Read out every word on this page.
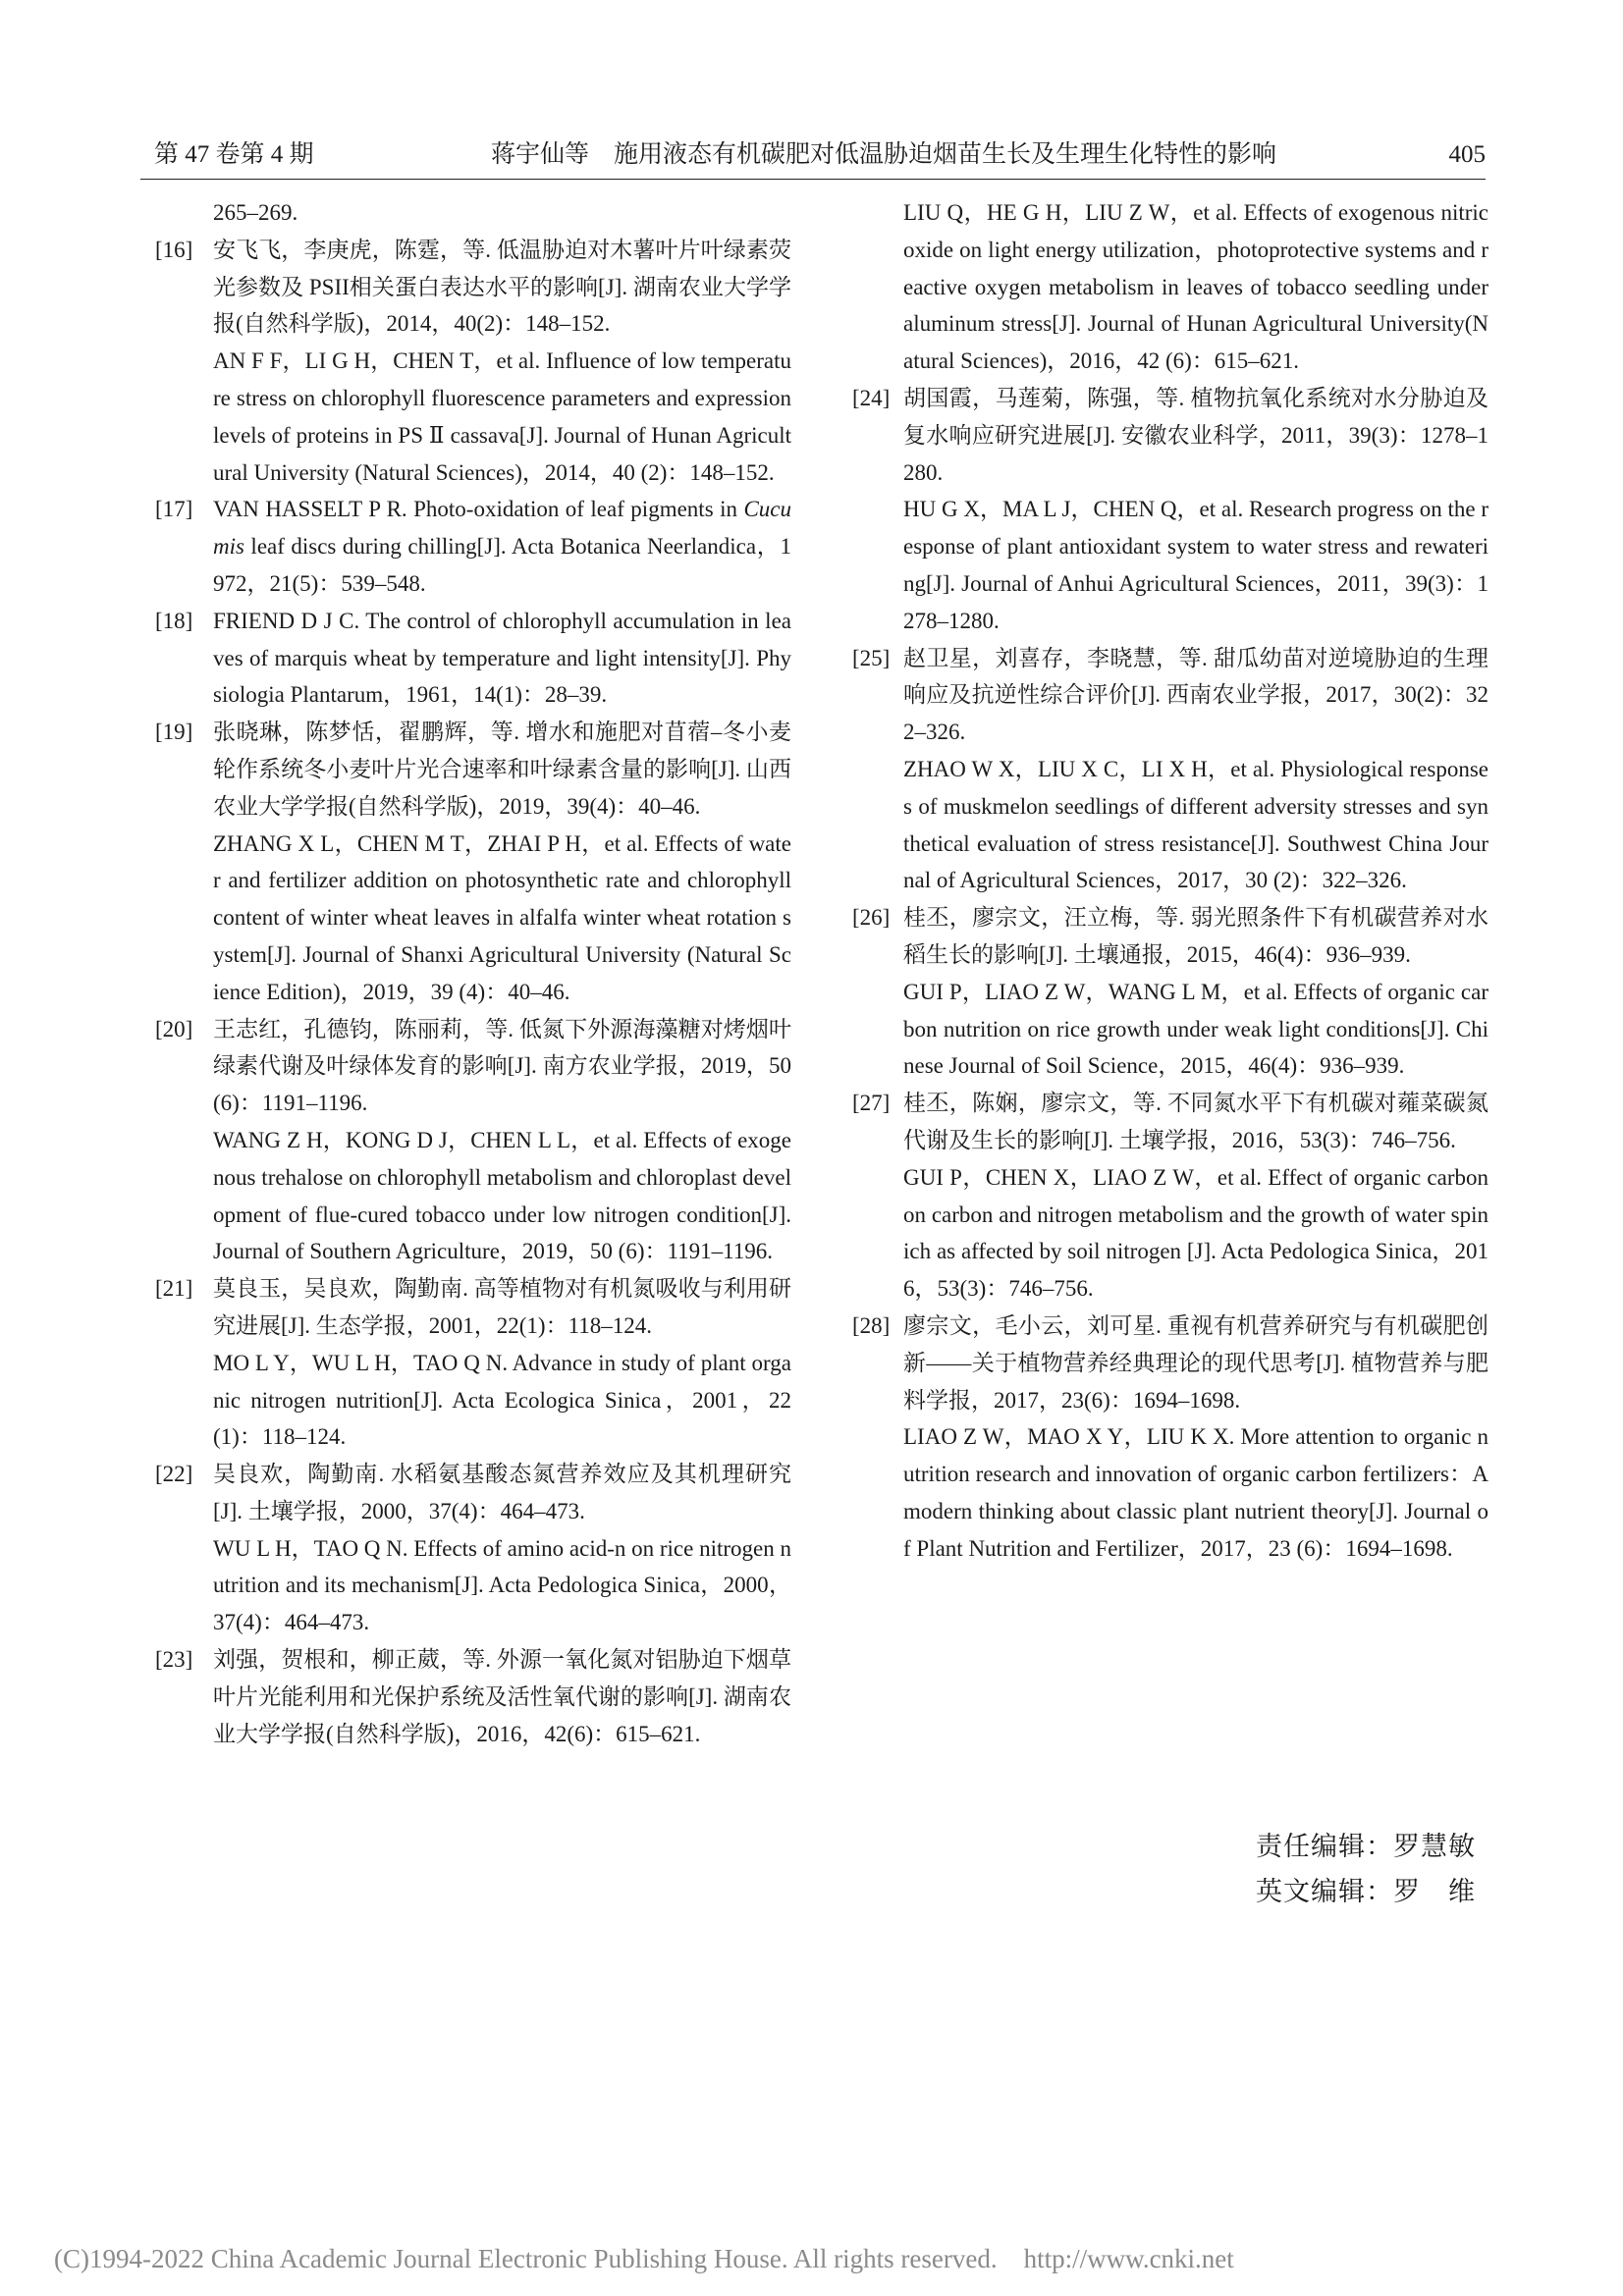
第 47 卷第 4 期	蒋宇仙等　施用液态有机碳肥对低温胁迫烟苗生长及生理生化特性的影响	405
265–269.
[16] 安飞飞，李庚虎，陈霆，等. 低温胁迫对木薯叶片叶绿素荧光参数及 PSII相关蛋白表达水平的影响[J]. 湖南农业大学学报(自然科学版)，2014，40(2)：148–152.
AN F F，LI G H，CHEN T，et al. Influence of low temperature stress on chlorophyll fluorescence parameters and expression levels of proteins in PS Ⅱ cassava[J]. Journal of Hunan Agricultural University (Natural Sciences)，2014，40 (2)：148–152.
[17] VAN HASSELT P R. Photo-oxidation of leaf pigments in Cucumis leaf discs during chilling[J]. Acta Botanica Neerlandica，1972，21(5)：539–548.
[18] FRIEND D J C. The control of chlorophyll accumulation in leaves of marquis wheat by temperature and light intensity[J]. Physiologia Plantarum，1961，14(1)：28–39.
[19] 张晓琳，陈梦恬，翟鹏辉，等. 增水和施肥对苜蓿–冬小麦轮作系统冬小麦叶片光合速率和叶绿素含量的影响[J]. 山西农业大学学报(自然科学版)，2019，39(4)：40–46.
ZHANG X L，CHEN M T，ZHAI P H，et al. Effects of water and fertilizer addition on photosynthetic rate and chlorophyll content of winter wheat leaves in alfalfa winter wheat rotation system[J]. Journal of Shanxi Agricultural University (Natural Science Edition)，2019，39 (4)：40–46.
[20] 王志红，孔德钧，陈丽莉，等. 低氮下外源海藻糖对烤烟叶绿素代谢及叶绿体发育的影响[J]. 南方农业学报，2019，50(6)：1191–1196.
WANG Z H，KONG D J，CHEN L L，et al. Effects of exogenous trehalose on chlorophyll metabolism and chloroplast development of flue-cured tobacco under low nitrogen condition[J]. Journal of Southern Agriculture，2019，50 (6)：1191–1196.
[21] 莫良玉，吴良欢，陶勤南. 高等植物对有机氮吸收与利用研究进展[J]. 生态学报，2001，22(1)：118–124.
MO L Y，WU L H，TAO Q N. Advance in study of plant organic nitrogen nutrition[J]. Acta Ecologica Sinica，2001，22 (1)：118–124.
[22] 吴良欢，陶勤南. 水稻氨基酸态氮营养效应及其机理研究[J]. 土壤学报，2000，37(4)：464–473.
WU L H，TAO Q N. Effects of amino acid-n on rice nitrogen nutrition and its mechanism[J]. Acta Pedologica Sinica，2000，37(4)：464–473.
[23] 刘强，贺根和，柳正葳，等. 外源一氧化氮对铝胁迫下烟草叶片光能利用和光保护系统及活性氧代谢的影响[J]. 湖南农业大学学报(自然科学版)，2016，42(6)：615–621.
LIU Q，HE G H，LIU Z W，et al. Effects of exogenous nitric oxide on light energy utilization，photoprotective systems and reactive oxygen metabolism in leaves of tobacco seedling under aluminum stress[J]. Journal of Hunan Agricultural University(Natural Sciences)，2016，42 (6)：615–621.
[24] 胡国霞，马莲菊，陈强，等. 植物抗氧化系统对水分胁迫及复水响应研究进展[J]. 安徽农业科学，2011，39(3)：1278–1280.
HU G X，MA L J，CHEN Q，et al. Research progress on the response of plant antioxidant system to water stress and rewatering[J]. Journal of Anhui Agricultural Sciences，2011，39(3)：1278–1280.
[25] 赵卫星，刘喜存，李晓慧，等. 甜瓜幼苗对逆境胁迫的生理响应及抗逆性综合评价[J]. 西南农业学报，2017，30(2)：322–326.
ZHAO W X，LIU X C，LI X H，et al. Physiological responses of muskmelon seedlings of different adversity stresses and synthetical evaluation of stress resistance[J]. Southwest China Journal of Agricultural Sciences，2017，30 (2)：322–326.
[26] 桂丕，廖宗文，汪立梅，等. 弱光照条件下有机碳营养对水稻生长的影响[J]. 土壤通报，2015，46(4)：936–939.
GUI P，LIAO Z W，WANG L M，et al. Effects of organic carbon nutrition on rice growth under weak light conditions[J]. Chinese Journal of Soil Science，2015，46(4)：936–939.
[27] 桂丕，陈娴，廖宗文，等. 不同氮水平下有机碳对蕹菜碳氮代谢及生长的影响[J]. 土壤学报，2016，53(3)：746–756.
GUI P，CHEN X，LIAO Z W，et al. Effect of organic carbon on carbon and nitrogen metabolism and the growth of water spinich as affected by soil nitrogen [J]. Acta Pedologica Sinica，2016，53(3)：746–756.
[28] 廖宗文，毛小云，刘可星. 重视有机营养研究与有机碳肥创新——关于植物营养经典理论的现代思考[J]. 植物营养与肥料学报，2017，23(6)：1694–1698.
LIAO Z W，MAO X Y，LIU K X. More attention to organic nutrition research and innovation of organic carbon fertilizers：A modern thinking about classic plant nutrient theory[J]. Journal of Plant Nutrition and Fertilizer，2017，23 (6)：1694–1698.
责任编辑：罗慧敏
英文编辑：罗　维
(C)1994-2022 China Academic Journal Electronic Publishing House. All rights reserved.    http://www.cnki.net
